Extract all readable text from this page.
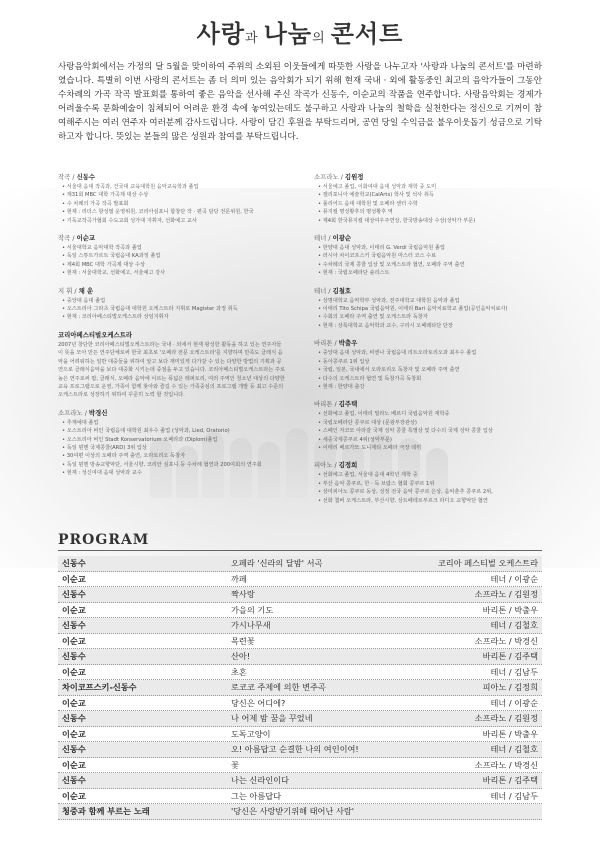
사랑과 나눔의 콘서트

사랑음악회에서는 가정의 달 5월을 맞이하여 주위의 소외된 이웃들에게 따뜻한 사랑을 나누고자 '사랑과 나눔의 콘서트'를 마련하였습니다. 특별히 이번 사랑의 콘서트는 좀 더 의미 있는 음악회가 되기 위해 현재 국내 · 외에 활동중인 최고의 음악가들이 그동안 수차례의 가곡 작곡 발표회를 통하여 좋은 음악을 선사해 주신 작곡가 신동수, 이순교의 작품을 연주합니다. 사랑음악회는 경제가 어려울수록 문화예술이 침체되어 어려운 환경 속에 놓여있는데도 불구하고 사랑과 나눔의 철학을 실천한다는 정신으로 기꺼이 참여해주시는 여러 연주자 여러분께 감사드립니다. 사랑이 담긴 후원을 부탁드리며, 공연 당일 수익금을 불우이웃돕기 성금으로 기탁하고자 합니다. 뜻있는 분들의 많은 성원과 참여를 부탁드립니다.

작곡 / 신동수
• 서울대 음대 작곡과, 건국대 교육대학원 음악교육학과 졸업
• 제31회 MBC 대학 가곡제 대상 수상
• 수 차례의 가곡 작곡 발표회
• 현재 : 리더스 항성필 운영위원, 코리아심포니 합창단 작 · 편곡 담당 전문위원, 한국
• 기독교작곡가협회 수도교회 성가대 지휘자, 선화예고 교사
작곡 / 이순교
• 서울대학교 음악대학 작곡과 졸업
• 독일 스튜트가르트 국립음대 KA과정 졸업
• 제4회 MBC 대학 가곡제 대상 수상
• 현재 : 서울대학교, 선화예고, 서울예고 강사
지 휘 / 채 운
• 중앙대 음대 졸업
• 오스트리아 그라츠 국립음대 대학원 오케스트라 지휘로 Magister 과정 취득
• 현재 : 코리아페스티벌오케스트라 상임지휘자
코리아페스티벌오케스트라
2007년 창단한 코리아페스티벌오케스트라는 국내 · 외에서 현재 왕성한 활동을 하고 있는 연주자들이 뜻을 모아 만든 연주단체로써 한국 최초로 '오페라 전문 오케스트라'를 지향하며 만족도 클래식 음악을 어려워하는 일반 대중들을 위하여 앞고 보다 재미있게 다가갈 수 있는 다양한 방법의 기획과 공연으로 클래식음악을 보다 대중화 시키는데 중점을 두고 있습니다. 코리아페스티벌오케스트라는 주로 높은 연주로써 팝, 클래식, 오페라 음악에 이르는 폭넓은 레퍼토리, 여러 주역인 청소년 대상의 다양한 교육 프로그램으로 운영, 가족이 함께 찾아와 즐길 수 있는 가족중심의 프로그램 개발 등 최고 수준의 오케스트라로 성장하기 위하여 꾸준히 노력 할 것입니다.
소프라노 / 박경신
• 추계예대 졸업
• 오스트리아 비인 국립음대 대학원 최우수 졸업 (성악과, Lied, Oratorio)
• 오스트리아 비인 Stadt Konservatorium 오페라과 (Diplom)졸업
• 독일 뮌헨 국제콩쿨(ARD) 3위 입상
• 30여편 이상의 오페라 주역 출연, 오라토리오 독창자
• 독일 뮌헨 방송교향악단, 서울시향, 코리안 심포니 등 수차례 협연과 200여회의 연주회
• 현재 : 성신여대 음대 성악과 교수
소프라노 / 김원정
• 서울예고 졸업, 이화여대 음대 성악과 재학 중 도미
• 캘리포니아 예술학교(CalArts) 학사 및 석사 취득
• 롤리어드 음대 대학원 및 오페라 센터 수학
• 뮤지컬 명성황후의 명성황후 역
• 제4회 한국뮤지컬 대상여우주연상, 한국방송대상 수상(성악가 부문)
테너 / 이광순
• 한양대 음대 성악과, 이태리 G. Verdi 국립음악원 졸업
• 러시아 차이코프스키 국립음악원 마스터 코스 수료
• 수차례의 국제 콩쿨 입상 및 오케스트라 협연, 오페라 주역 출연
• 현재 : 국립오페라단 솔리스트
테너 / 김철호
• 상명대학교 음악학부 성악과, 전주대학교 대학원 음악과 졸업
• 이태리 Tito Schipa 국립음악원, 이태리 Bari 음악치료학교 졸업(공인음악치료사)
• 수회의 오페라 주역 출연 및 오케스트라 독창자
• 현재 : 상록대학교 음악학과 교수, 구리시 오페레타단 단장
바리톤 / 박출우
• 중앙대 음대 성악과, 비엔나 국립음대 리트오라토리오과 최우수 졸업
• 동아콩쿠르 1위 입상
• 국립, 일본, 국내에서 오라토리오 독창자 및 오페라 주역 출연
• 다수의 오케스트라 협연 및 독창가곡 독창회
• 현재 : 한양대 출강
바리톤 / 김주택
• 선화예고 졸업, 이태리 밀라노 베르디 국립음악원 재학중
• 국립오페라단 콩쿠르 대상 (문광부장관상)
• 스페인 자코모 아라갈 국제 성악 콩쿨 특별상 및 다수의 국제 성악 콩쿨 입상
• 세종국제콩쿠르 4위(성악부문)
• 이태리 베르가모 도니제티 오페라 극장 데뷔
피아노 / 김정희
• 선화예고 졸업, 서울대 음대 4학년 재학 중
• 부산 음악 콩쿠르, 한 · 독 브람스 협회 콩쿠르 1위
• 상미피아노 콩쿠르 동상, 성정 전국 음악 콩쿠르 은상, 음악춘추 콩쿠르 2위,
• 선화 챔버 오케스트라, 부산시향, 상트페테르부르크 라디오 교향악단 협연
PROGRAM
신동수	오페라 '신라의 달밤' 서곡	코리아 페스티벌 오케스트라
이순교	까페	테너 / 이광순
신동수	짝사랑	소프라노 / 김원정
이순교	가을의 기도	바리톤 / 박출우
신동수	가시나무새	테너 / 김철호
이순교	목련꽃	소프라노 / 박경신
신동수	산아!	바리톤 / 김주택
이순교	초혼	테너 / 김남두
차이코프스키-신동수	로코코 주제에 의한 변주곡	피아노 / 김정희
이순교	당신은 어디에?	테너 / 이광순
신동수	나 어제 밤 꿈을 꾸었네	소프라노 / 김원정
이순교	도독고양이	바리톤 / 박출우
신동수	오! 아름답고 순결한 나의 여인이여!	테너 / 김철호
이순교	꽃	소프라노 / 박경신
신동수	나는 신라인이다	바리톤 / 김주택
이순교	그는 아름답다	테너 / 김남두
청중과 함께 부르는 노래	'당신은 사랑받기위해 태어난 사람'
